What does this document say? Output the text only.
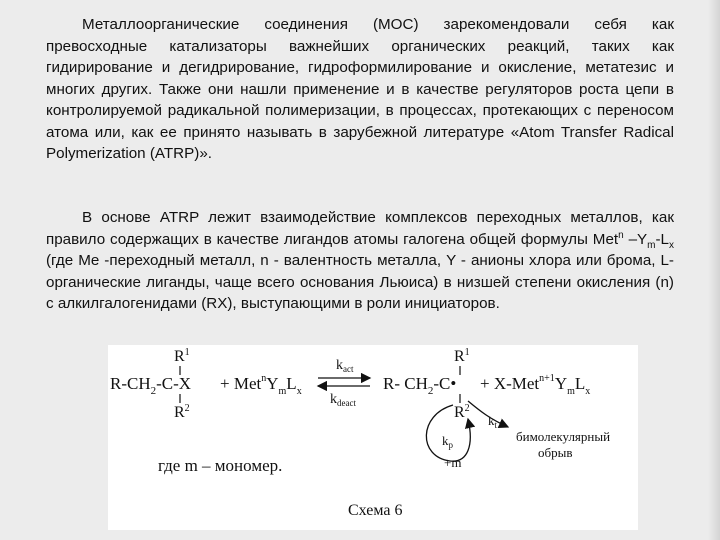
Металлоорганические соединения (МОС) зарекомендовали себя как превосходные катализаторы важнейших органических реакций, таких как гидирирование и дегидрирование, гидроформилирование и окисление, метатезис и многих других. Также они нашли применение и в качестве регуляторов роста цепи в контролируемой радикальной полимеризации, в процессах, протекающих с переносом атома или, как ее принято называть в зарубежной литературе «Atom Transfer Radical Polymerization (ATRP)».

В основе ATRP лежит взаимодействие комплексов переходных металлов, как правило содержащих в качестве лигандов атомы галогена общей формулы Met$^n$ $-Y_m-L_x$ (где Me -переходный металл, n - валентность металла, Y - анионы хлора или брома, L-органические лиганды, чаще всего основания Льюиса) в низшей степени окисления (n) с алкилгалогенидами (RX), выступающими в роли инициаторов.

$R^1$
$R-CH_2-C-X$
$R^2$
+ $Met^nY_mL_x$
$k_{act}$
$k_{deact}$
$R^1$
R- $CH_2-C•$
$R^2$
+ $X-Met^{n+1}Y_mL_x$
$k_p$
+m
$k_t$
бимолекулярный
обрыв
где m – мономер.
Схема 6
